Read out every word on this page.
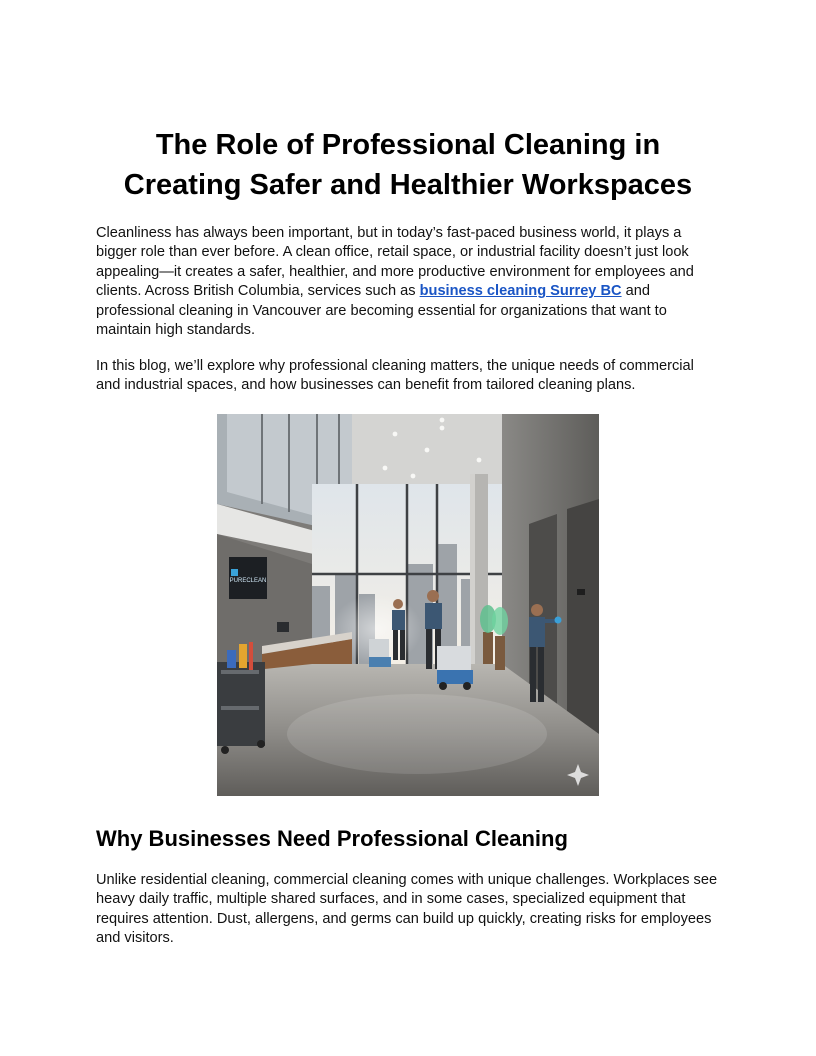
The Role of Professional Cleaning in
Creating Safer and Healthier Workspaces

Cleanliness has always been important, but in today’s fast-paced business world, it plays a bigger role than ever before. A clean office, retail space, or industrial facility doesn’t just look appealing—it creates a safer, healthier, and more productive environment for employees and clients. Across British Columbia, services such as business cleaning Surrey BC and professional cleaning in Vancouver are becoming essential for organizations that want to maintain high standards.

In this blog, we’ll explore why professional cleaning matters, the unique needs of commercial and industrial spaces, and how businesses can benefit from tailored cleaning plans.

Why Businesses Need Professional Cleaning

Unlike residential cleaning, commercial cleaning comes with unique challenges. Workplaces see heavy daily traffic, multiple shared surfaces, and in some cases, specialized equipment that requires attention. Dust, allergens, and germs can build up quickly, creating risks for employees and visitors.

PURECLEAN
